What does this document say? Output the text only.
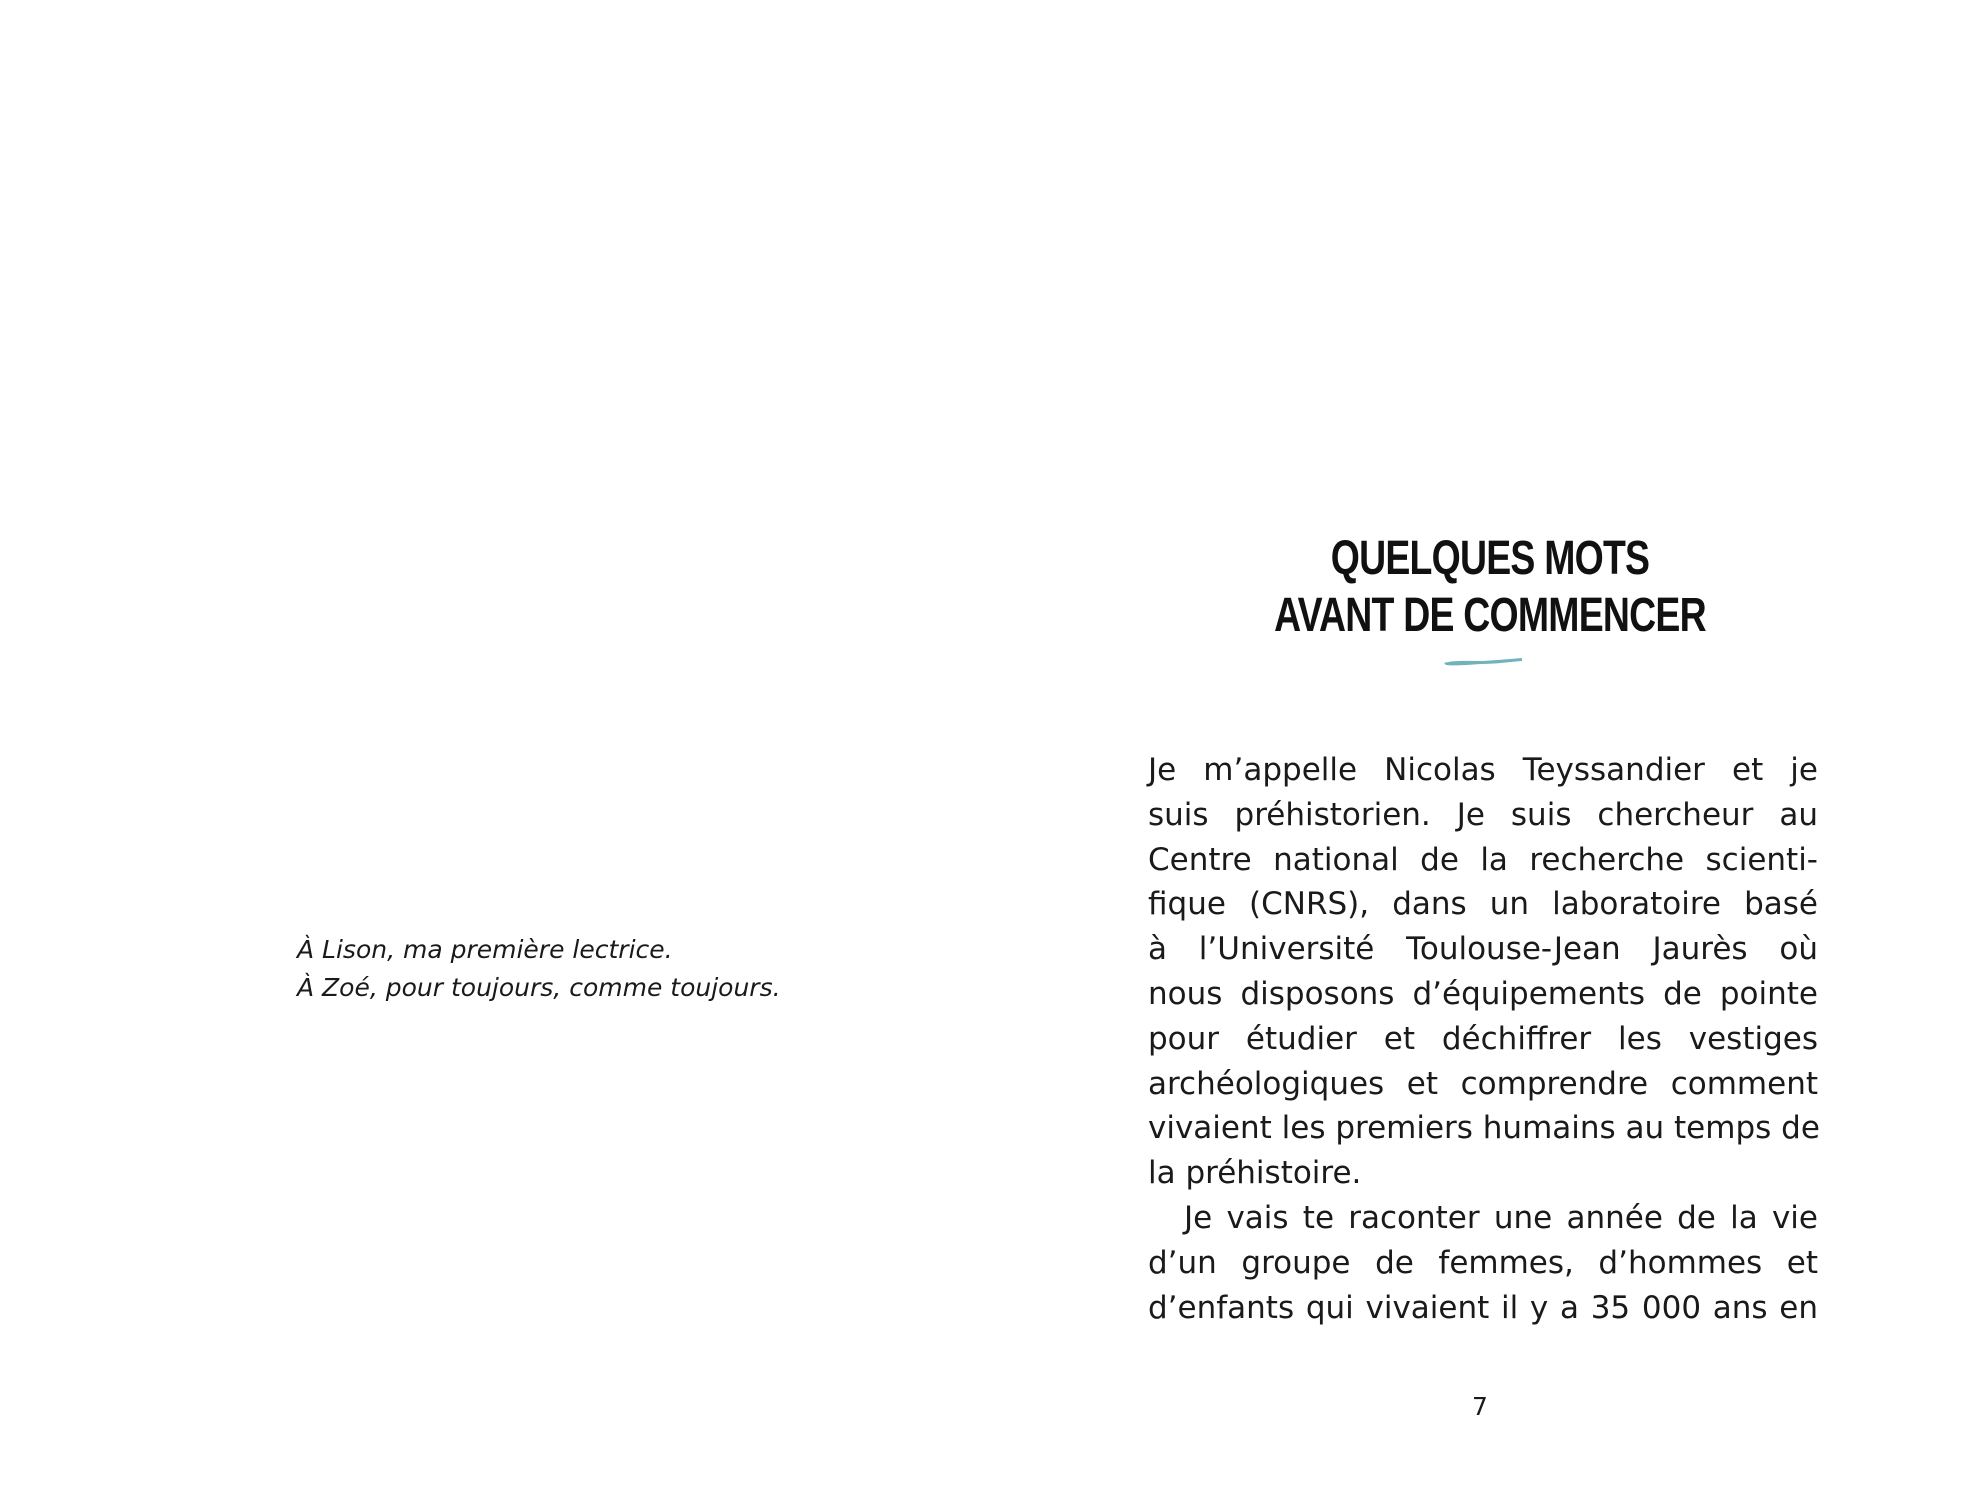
À Lison, ma première lectrice.
À Zoé, pour toujours, comme toujours.
QUELQUES MOTS
AVANT DE COMMENCER
Je m’appelle Nicolas Teyssandier et je
suis préhistorien. Je suis chercheur au
Centre national de la recherche scienti-
fique (CNRS), dans un laboratoire basé
à l’Université Toulouse-Jean Jaurès où
nous disposons d’équipements de pointe
pour étudier et déchiffrer les vestiges
archéologiques et comprendre comment
vivaient les premiers humains au temps de
la préhistoire.
Je vais te raconter une année de la vie
d’un groupe de femmes, d’hommes et
d’enfants qui vivaient il y a 35 000 ans en
7
